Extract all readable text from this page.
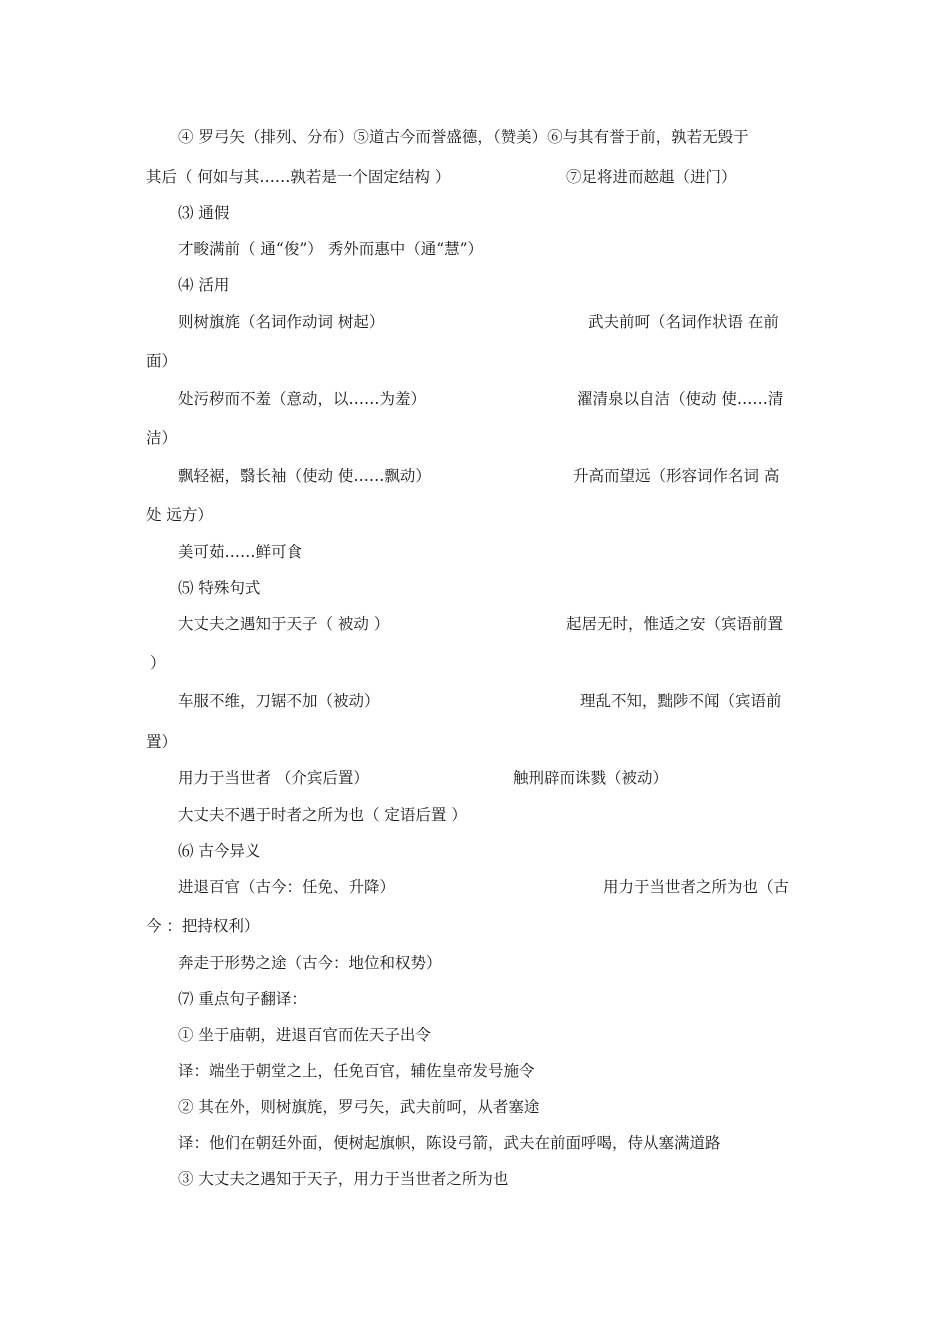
④ 罗弓矢（排列、分布）⑤道古今而誉盛德，（赞美）⑥与其有誉于前，孰若无毁于
其后（ 何如与其……孰若是一个固定结构 ）	⑦足将进而趑趄（进门）
⑶ 通假
才畯满前（ 通“俊”） 秀外而惠中（通“慧”）
⑷ 活用
则树旗旄（名词作动词 树起）	武夫前呵（名词作状语 在前
面）
处污秽而不羞（意动，以……为羞）	濯清泉以自洁（使动 使……清
洁）
飘轻裾，翳长袖（使动 使……飘动）	升高而望远（形容词作名词 高
处 远方）
美可茹……鲜可食
⑸ 特殊句式
大丈夫之遇知于天子（ 被动 ）	起居无时，惟适之安（宾语前置
）
车服不维，刀锯不加（被动）	理乱不知，黜陟不闻（宾语前
置）
用力于当世者 （介宾后置）	触刑辟而诛戮（被动）
大丈夫不遇于时者之所为也（ 定语后置 ）
⑹ 古今异义
进退百官（古今：任免、升降）	用力于当世者之所为也（古
今 ：把持权利）
奔走于形势之途（古今：地位和权势）
⑺ 重点句子翻译：
① 坐于庙朝，进退百官而佐天子出令
译：端坐于朝堂之上，任免百官，辅佐皇帝发号施令
② 其在外，则树旗旄，罗弓矢，武夫前呵，从者塞途
译：他们在朝廷外面，便树起旗帜，陈设弓箭，武夫在前面呼喝，侍从塞满道路
③ 大丈夫之遇知于天子，用力于当世者之所为也
